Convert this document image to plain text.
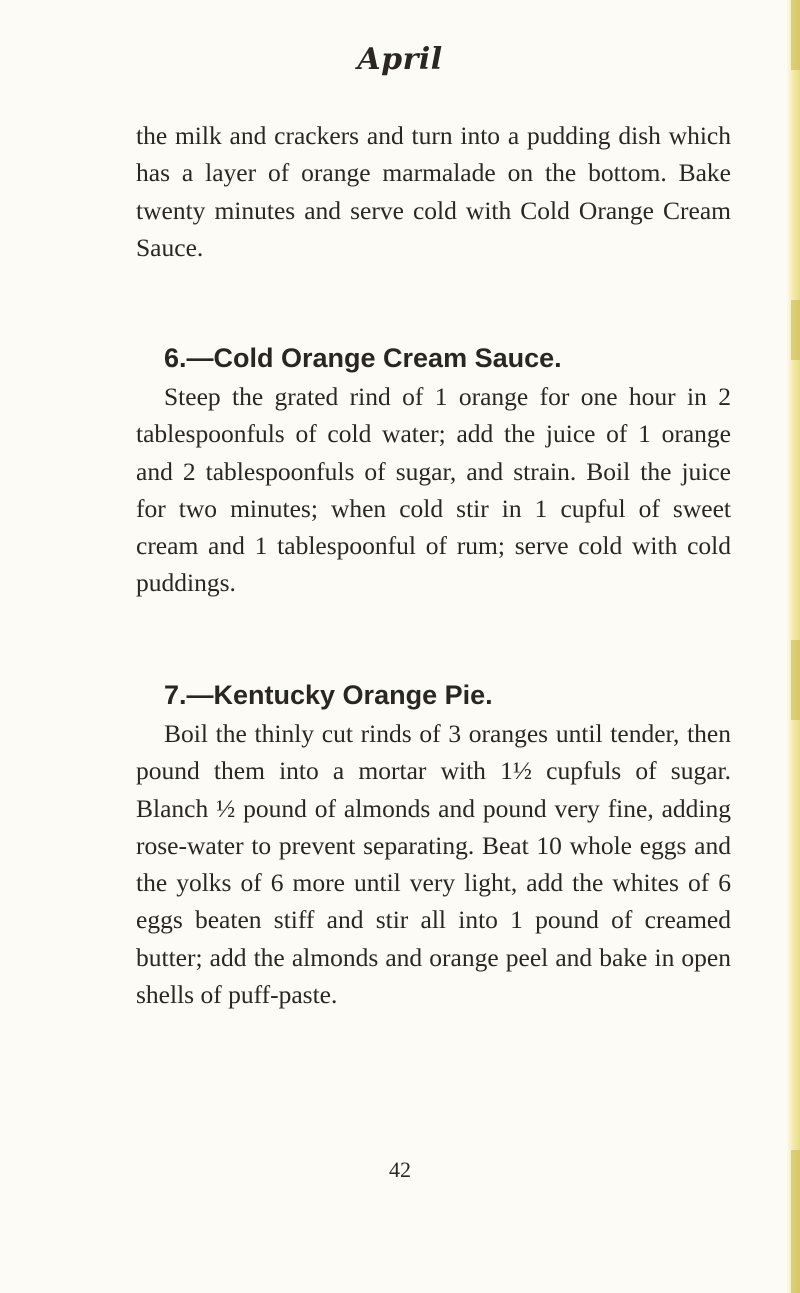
April

the milk and crackers and turn into a pudding dish which has a layer of orange marmalade on the bottom. Bake twenty minutes and serve cold with Cold Orange Cream Sauce.

6.—Cold Orange Cream Sauce.

Steep the grated rind of 1 orange for one hour in 2 tablespoonfuls of cold water; add the juice of 1 orange and 2 tablespoonfuls of sugar, and strain. Boil the juice for two minutes; when cold stir in 1 cupful of sweet cream and 1 tablespoonful of rum; serve cold with cold puddings.

7.—Kentucky Orange Pie.

Boil the thinly cut rinds of 3 oranges until tender, then pound them into a mortar with 1½ cupfuls of sugar. Blanch ½ pound of almonds and pound very fine, adding rose-water to prevent separating. Beat 10 whole eggs and the yolks of 6 more until very light, add the whites of 6 eggs beaten stiff and stir all into 1 pound of creamed butter; add the almonds and orange peel and bake in open shells of puff-paste.

42
